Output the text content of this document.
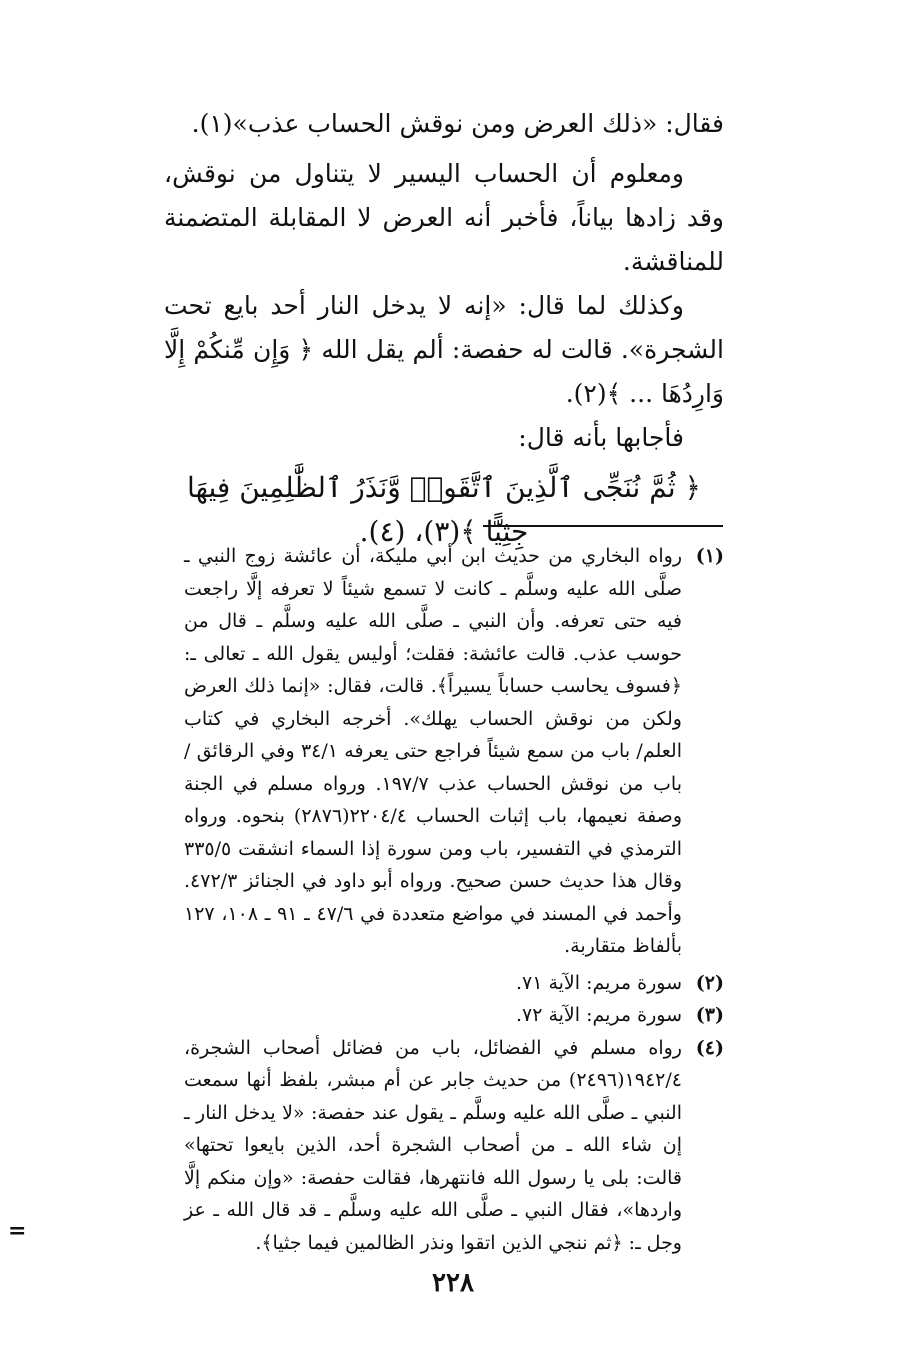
فقال: «ذلك العرض ومن نوقش الحساب عذب»(١).

ومعلوم أن الحساب اليسير لا يتناول من نوقش، وقد زادها بياناً، فأخبر أنه العرض لا المقابلة المتضمنة للمناقشة.

وكذلك لما قال: «إنه لا يدخل النار أحد بايع تحت الشجرة». قالت له حفصة: ألم يقل الله ﴿ وَإِن مِّنكُمْ إِلَّا وَارِدُهَا ... ﴾(٢).

فأجابها بأنه قال:

﴿ ثُمَّ نُنَجِّى ٱلَّذِينَ ٱتَّقَوا۟ وَّنَذَرُ ٱلظَّٰلِمِينَ فِيهَا جِثِيًّا ﴾(٣)، (٤).
(١)
رواه البخاري من حديث ابن أبي مليكة، أن عائشة زوج النبي ـ صلَّى الله عليه وسلَّم ـ كانت لا تسمع شيئاً لا تعرفه إلَّا راجعت فيه حتى تعرفه. وأن النبي ـ صلَّى الله عليه وسلَّم ـ قال من حوسب عذب. قالت عائشة: فقلت؛ أوليس يقول الله ـ تعالى ـ: ﴿فسوف يحاسب حساباً يسيراً﴾. قالت، فقال: «إنما ذلك العرض ولكن من نوقش الحساب يهلك». أخرجه البخاري في كتاب العلم/ باب من سمع شيئاً فراجع حتى يعرفه ٣٤/١ وفي الرقائق / باب من نوقش الحساب عذب ١٩٧/٧. ورواه مسلم في الجنة وصفة نعيمها، باب إثبات الحساب ٢٢٠٤/٤(٢٨٧٦) بنحوه. ورواه الترمذي في التفسير، باب ومن سورة إذا السماء انشقت ٣٣٥/٥ وقال هذا حديث حسن صحيح. ورواه أبو داود في الجنائز ٤٧٢/٣. وأحمد في المسند في مواضع متعددة في ٤٧/٦ ـ ٩١ ـ ١٠٨، ١٢٧ بألفاظ متقاربة.
(٢)
سورة مريم: الآية ٧١.
(٣)
سورة مريم: الآية ٧٢.
(٤)
رواه مسلم في الفضائل، باب من فضائل أصحاب الشجرة، ١٩٤٢/٤(٢٤٩٦) من حديث جابر عن أم مبشر، بلفظ أنها سمعت النبي ـ صلَّى الله عليه وسلَّم ـ يقول عند حفصة: «لا يدخل النار ـ إن شاء الله ـ من أصحاب الشجرة أحد، الذين بايعوا تحتها» قالت: بلى يا رسول الله فانتهرها، فقالت حفصة: «وإن منكم إلَّا واردها»، فقال النبي ـ صلَّى الله عليه وسلَّم ـ قد قال الله ـ عز وجل ـ: ﴿ثم ننجي الذين اتقوا ونذر الظالمين فيما جثيا﴾.
=
٢٢٨
